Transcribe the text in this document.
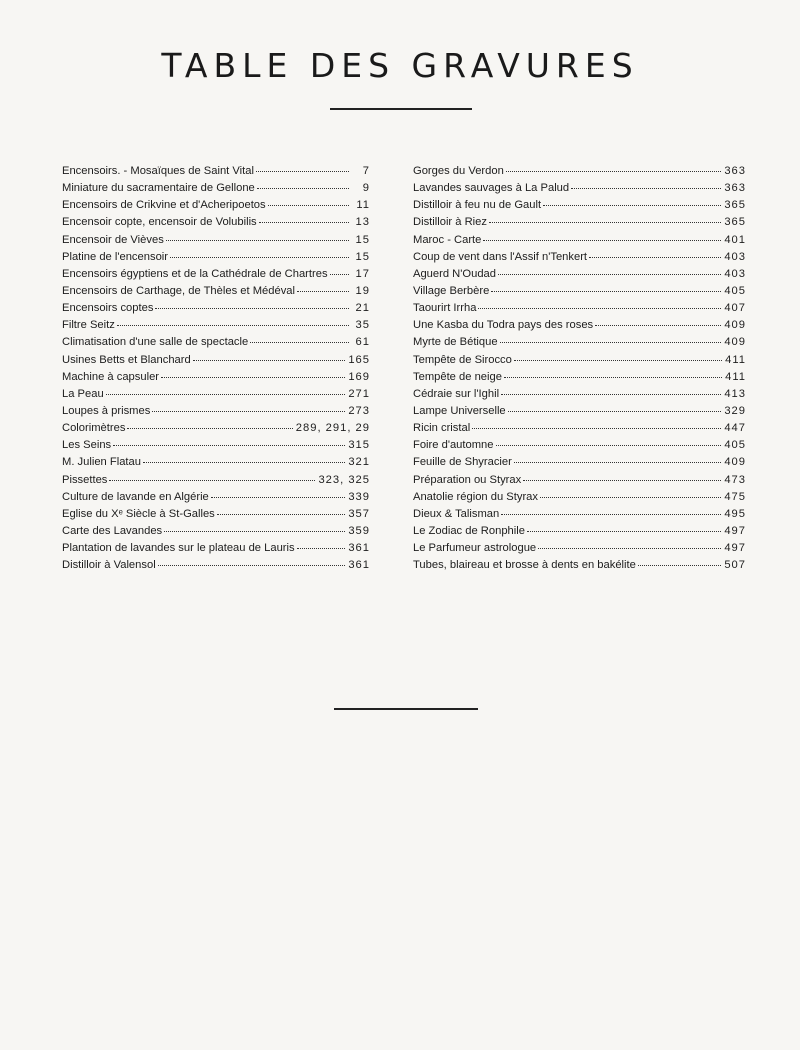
TABLE DES GRAVURES
Encensoirs. - Mosaïques de Saint Vital	7
Miniature du sacramentaire de Gellone	9
Encensoirs de Crikvine et d'Acheripoetos	11
Encensoir copte, encensoir de Volubilis	13
Encensoir de Vièves	15
Platine de l'encensoir	15
Encensoirs égyptiens et de la Cathédrale de Chartres	17
Encensoirs de Carthage, de Thèles et Médéval	19
Encensoirs coptes	21
Filtre Seitz	35
Climatisation d'une salle de spectacle	61
Usines Betts et Blanchard	165
Machine à capsuler	169
La Peau	271
Loupes à prismes	273
Colorimètres	289, 291, 29
Les Seins	315
M. Julien Flatau	321
Pissettes	323, 325
Culture de lavande en Algérie	339
Eglise du Xᵉ Siècle à St-Galles	357
Carte des Lavandes	359
Plantation de lavandes sur le plateau de Lauris	361
Distilloir à Valensol	361
Gorges du Verdon	363
Lavandes sauvages à La Palud	363
Distilloir à feu nu de Gault	365
Distilloir à Riez	365
Maroc - Carte	401
Coup de vent dans l'Assif n'Tenkert	403
Aguerd N'Oudad	403
Village Berbère	405
Taourirt Irrha	407
Une Kasba du Todra pays des roses	409
Myrte de Bétique	409
Tempête de Sirocco	411
Tempête de neige	411
Cédraie sur l'Ighil	413
Lampe Universelle	329
Ricin cristal	447
Foire d'automne	405
Feuille de Shyracier	409
Préparation ou Styrax	473
Anatolie région du Styrax	475
Dieux & Talisman	495
Le Zodiac de Ronphile	497
Le Parfumeur astrologue	497
Tubes, blaireau et brosse à dents en bakélite	507
